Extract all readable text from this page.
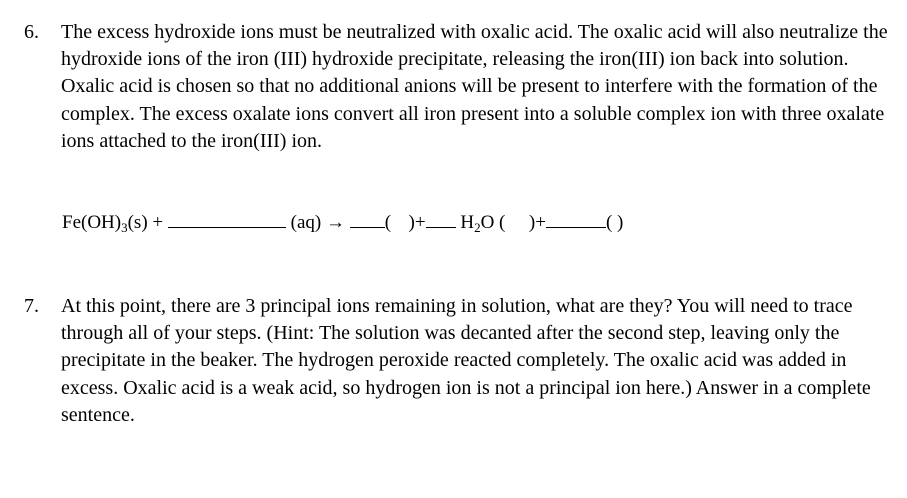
6. The excess hydroxide ions must be neutralized with oxalic acid. The oxalic acid will also neutralize the hydroxide ions of the iron (III) hydroxide precipitate, releasing the iron(III) ion back into solution. Oxalic acid is chosen so that no additional anions will be present to interfere with the formation of the complex. The excess oxalate ions convert all iron present into a soluble complex ion with three oxalate ions attached to the iron(III) ion.

Fe(OH)3(s) +	(aq) → ( )+ H2O ( )+	( )
7. At this point, there are 3 principal ions remaining in solution, what are they? You will need to trace through all of your steps. (Hint: The solution was decanted after the second step, leaving only the precipitate in the beaker. The hydrogen peroxide reacted completely. The oxalic acid was added in excess. Oxalic acid is a weak acid, so hydrogen ion is not a principal ion here.) Answer in a complete sentence.
